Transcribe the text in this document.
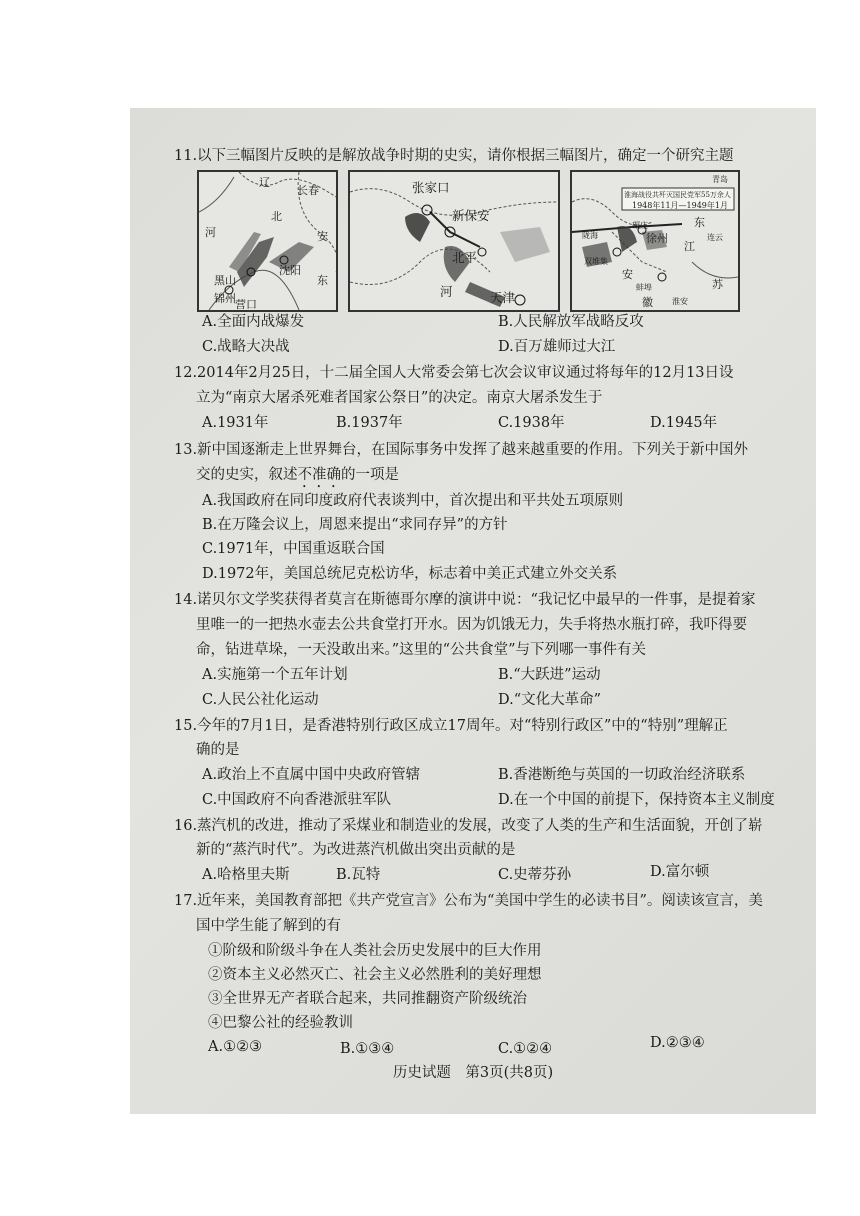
11.以下三幅图片反映的是解放战争时期的史实，请你根据三幅图片，确定一个研究主题
辽
长春
河
北
安
锦州
沈阳
东
黑山
营口
张家口
新保安
北平
河	天津
青岛
淮海战役共歼灭国民党军55万余人
1948年11月—1949年1月
东
陇海	徐州
碾庄
江
连云
双堆集
安
蚌埠	苏
徽 淮安
A.全面内战爆发	B.人民解放军战略反攻
C.战略大决战	D.百万雄师过大江
12.2014年2月25日，十二届全国人大常委会第七次会议审议通过将每年的12月13日设
立为“南京大屠杀死难者国家公祭日”的决定。南京大屠杀发生于
A.1931年	B.1937年	C.1938年	D.1945年
13.新中国逐渐走上世界舞台，在国际事务中发挥了越来越重要的作用。下列关于新中国外
交的史实，叙述不准确的一项是
A.我国政府在同印度政府代表谈判中，首次提出和平共处五项原则
B.在万隆会议上，周恩来提出“求同存异”的方针
C.1971年，中国重返联合国
D.1972年，美国总统尼克松访华，标志着中美正式建立外交关系
14.诺贝尔文学奖获得者莫言在斯德哥尔摩的演讲中说：“我记忆中最早的一件事，是提着家
里唯一的一把热水壶去公共食堂打开水。因为饥饿无力，失手将热水瓶打碎，我吓得要
命，钻进草垛，一天没敢出来。”这里的“公共食堂”与下列哪一事件有关
A.实施第一个五年计划	B.“大跃进”运动
C.人民公社化运动	D.“文化大革命”
15.今年的7月1日，是香港特别行政区成立17周年。对“特别行政区”中的“特别”理解正
确的是
A.政治上不直属中国中央政府管辖	B.香港断绝与英国的一切政治经济联系
C.中国政府不向香港派驻军队	D.在一个中国的前提下，保持资本主义制度
16.蒸汽机的改进，推动了采煤业和制造业的发展，改变了人类的生产和生活面貌，开创了崭
新的“蒸汽时代”。为改进蒸汽机做出突出贡献的是
A.哈格里夫斯	B.瓦特	C.史蒂芬孙	D.富尔顿
17.近年来，美国教育部把《共产党宣言》公布为“美国中学生的必读书目”。阅读该宣言，美
国中学生能了解到的有
①阶级和阶级斗争在人类社会历史发展中的巨大作用
②资本主义必然灭亡、社会主义必然胜利的美好理想
③全世界无产者联合起来，共同推翻资产阶级统治
④巴黎公社的经验教训
A.①②③	B.①③④	C.①②④	D.②③④
历史试题　第3页(共8页)
